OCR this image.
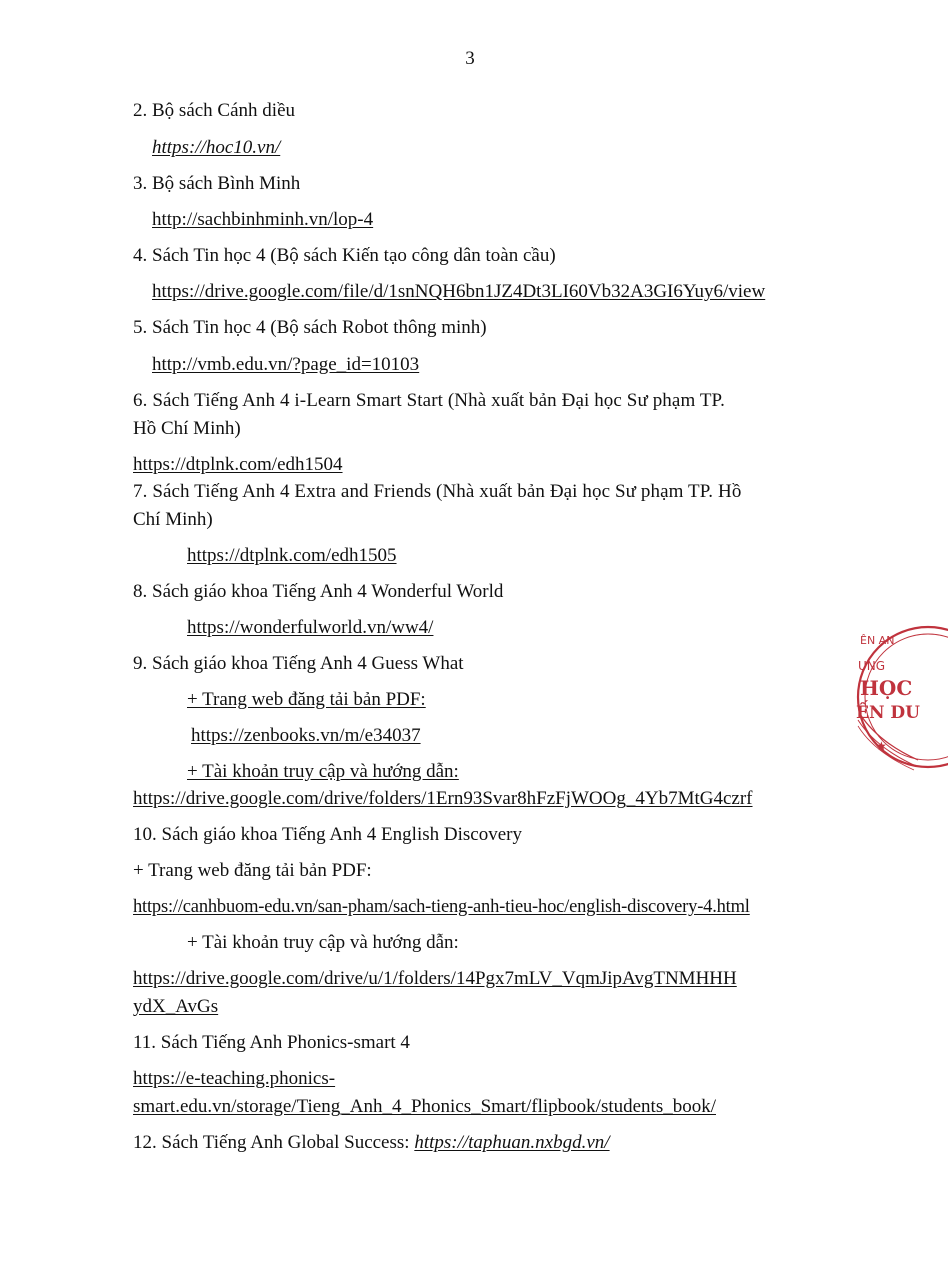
3
2. Bộ sách Cánh diều
https://hoc10.vn/
3. Bộ sách Bình Minh
http://sachbinhminh.vn/lop-4
4. Sách Tin học 4 (Bộ sách Kiến tạo công dân toàn cầu)
https://drive.google.com/file/d/1snNQH6bn1JZ4Dt3LI60Vb32A3GI6Yuy6/view
5. Sách Tin học 4 (Bộ sách Robot thông minh)
http://vmb.edu.vn/?page_id=10103
6. Sách Tiếng Anh 4 i-Learn Smart Start (Nhà xuất bản Đại học Sư phạm TP.
Hồ Chí Minh)
https://dtplnk.com/edh1504
7. Sách Tiếng Anh 4 Extra and Friends (Nhà xuất bản Đại học Sư phạm TP. Hồ
Chí Minh)
https://dtplnk.com/edh1505
8. Sách giáo khoa Tiếng Anh 4 Wonderful World
https://wonderfulworld.vn/ww4/
9. Sách giáo khoa Tiếng Anh 4 Guess What
+ Trang web đăng tải bản PDF:
https://zenbooks.vn/m/e34037
+ Tài khoản truy cập và hướng dẫn:
https://drive.google.com/drive/folders/1Ern93Svar8hFzFjWOOg_4Yb7MtG4czrf
10. Sách giáo khoa Tiếng Anh 4 English Discovery
+ Trang web đăng tải bản PDF:
https://canhbuom-edu.vn/san-pham/sach-tieng-anh-tieu-hoc/english-discovery-4.html
+ Tài khoản truy cập và hướng dẫn:
https://drive.google.com/drive/u/1/folders/14Pgx7mLV_VqmJipAvgTNMHHH
ydX_AvGs
11. Sách Tiếng Anh Phonics-smart 4
https://e-teaching.phonics-
smart.edu.vn/storage/Tieng_Anh_4_Phonics_Smart/flipbook/students_book/
12. Sách Tiếng Anh Global Success: https://taphuan.nxbgd.vn/
ÊN AN
UNG
HỌC
ẾN DU
★
